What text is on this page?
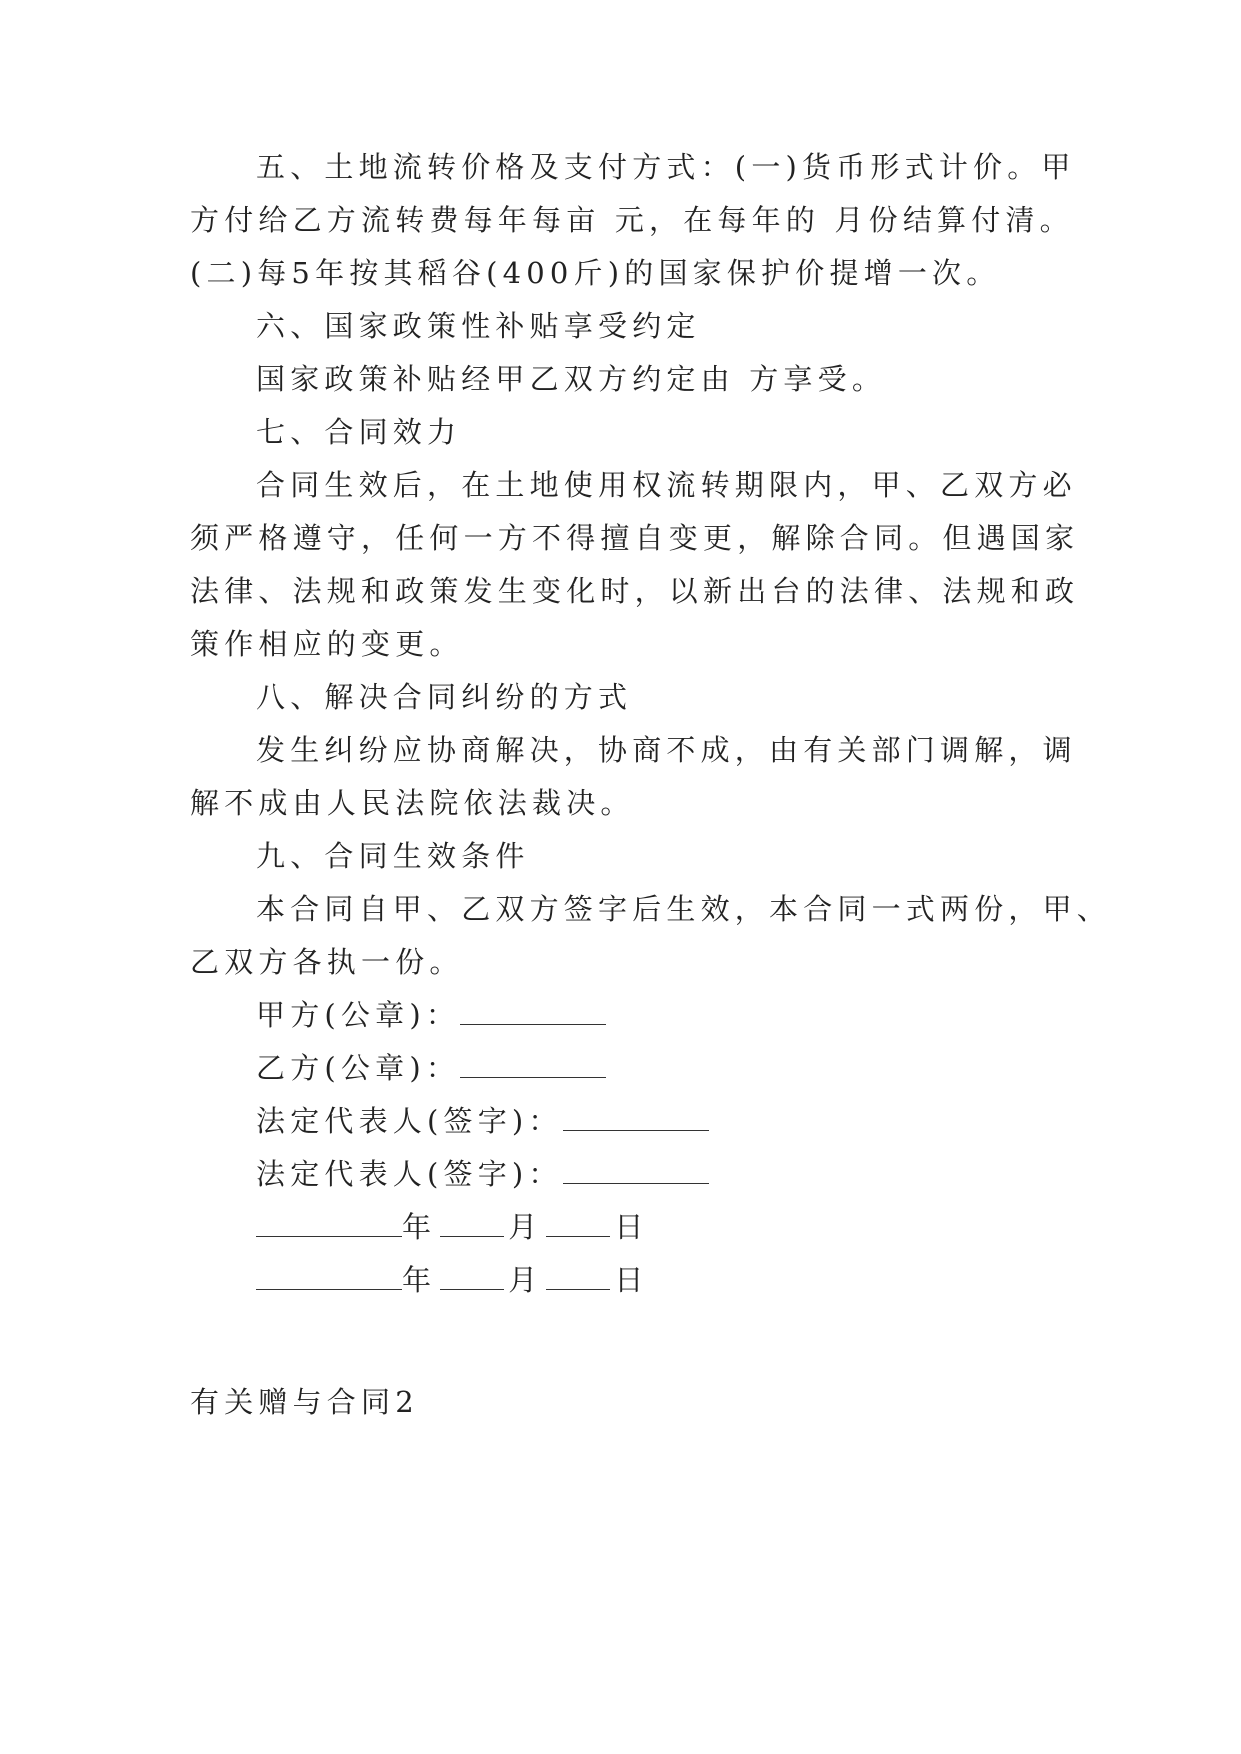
五、土地流转价格及支付方式：(一)货币形式计价。甲
方付给乙方流转费每年每亩 元，在每年的 月份结算付清。
(二)每5年按其稻谷(400斤)的国家保护价提增一次。
六、国家政策性补贴享受约定
国家政策补贴经甲乙双方约定由 方享受。
七、合同效力
合同生效后，在土地使用权流转期限内，甲、乙双方必
须严格遵守，任何一方不得擅自变更，解除合同。但遇国家
法律、法规和政策发生变化时，以新出台的法律、法规和政
策作相应的变更。
八、解决合同纠纷的方式
发生纠纷应协商解决，协商不成，由有关部门调解，调
解不成由人民法院依法裁决。
九、合同生效条件
本合同自甲、乙双方签字后生效，本合同一式两份，甲、
乙双方各执一份。
甲方(公章)：
乙方(公章)：
法定代表人(签字)：
法定代表人(签字)：
年 月 日
年 月 日
有关赠与合同2
